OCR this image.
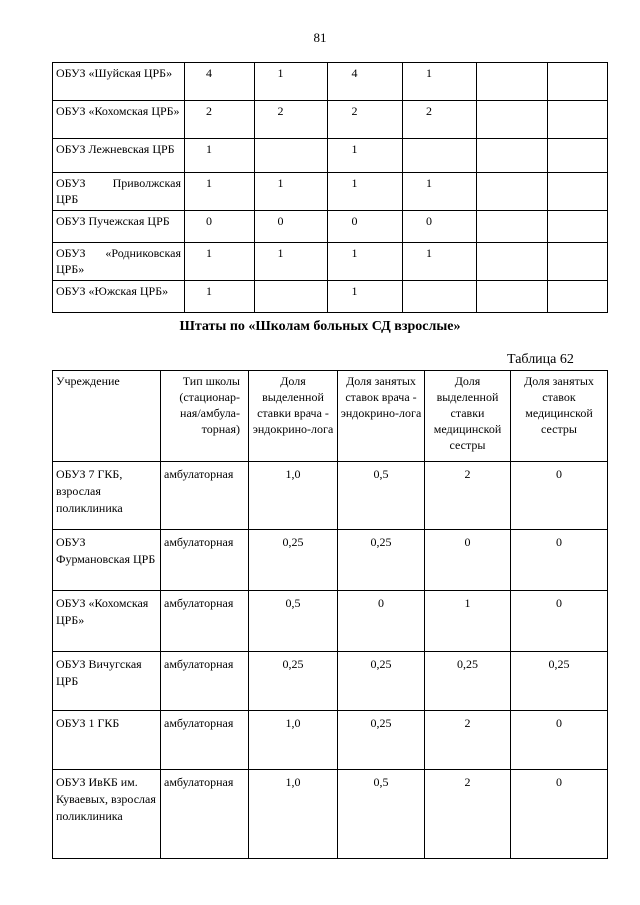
81
ОБУЗ «Шуйская ЦРБ»	4	1	4	1		
ОБУЗ «Кохомская ЦРБ»	2	2	2	2		
ОБУЗ Лежневская ЦРБ	1		1			
ОБУЗ Приволжская ЦРБ	1	1	1	1		
ОБУЗ Пучежская ЦРБ	0	0	0	0		
ОБУЗ «Родниковская ЦРБ»	1	1	1	1		
ОБУЗ «Южская ЦРБ»	1		1			
Штаты по «Школам больных СД взрослые»
Таблица 62
Учреждение	Тип школы (стационар-ная/амбула-торная)	Доля выделенной ставки врача - эндокрино-лога	Доля занятых ставок врача - эндокрино-лога	Доля выделенной ставки медицинской сестры	Доля занятых ставок медицинской сестры
ОБУЗ 7 ГКБ, взрослая поликлиника	амбулаторная	1,0	0,5	2	0
ОБУЗ Фурмановская ЦРБ	амбулаторная	0,25	0,25	0	0
ОБУЗ «Кохомская ЦРБ»	амбулаторная	0,5	0	1	0
ОБУЗ Вичугская ЦРБ	амбулаторная	0,25	0,25	0,25	0,25
ОБУЗ 1 ГКБ	амбулаторная	1,0	0,25	2	0
ОБУЗ ИвКБ им. Куваевых, взрослая поликлиника	амбулаторная	1,0	0,5	2	0
